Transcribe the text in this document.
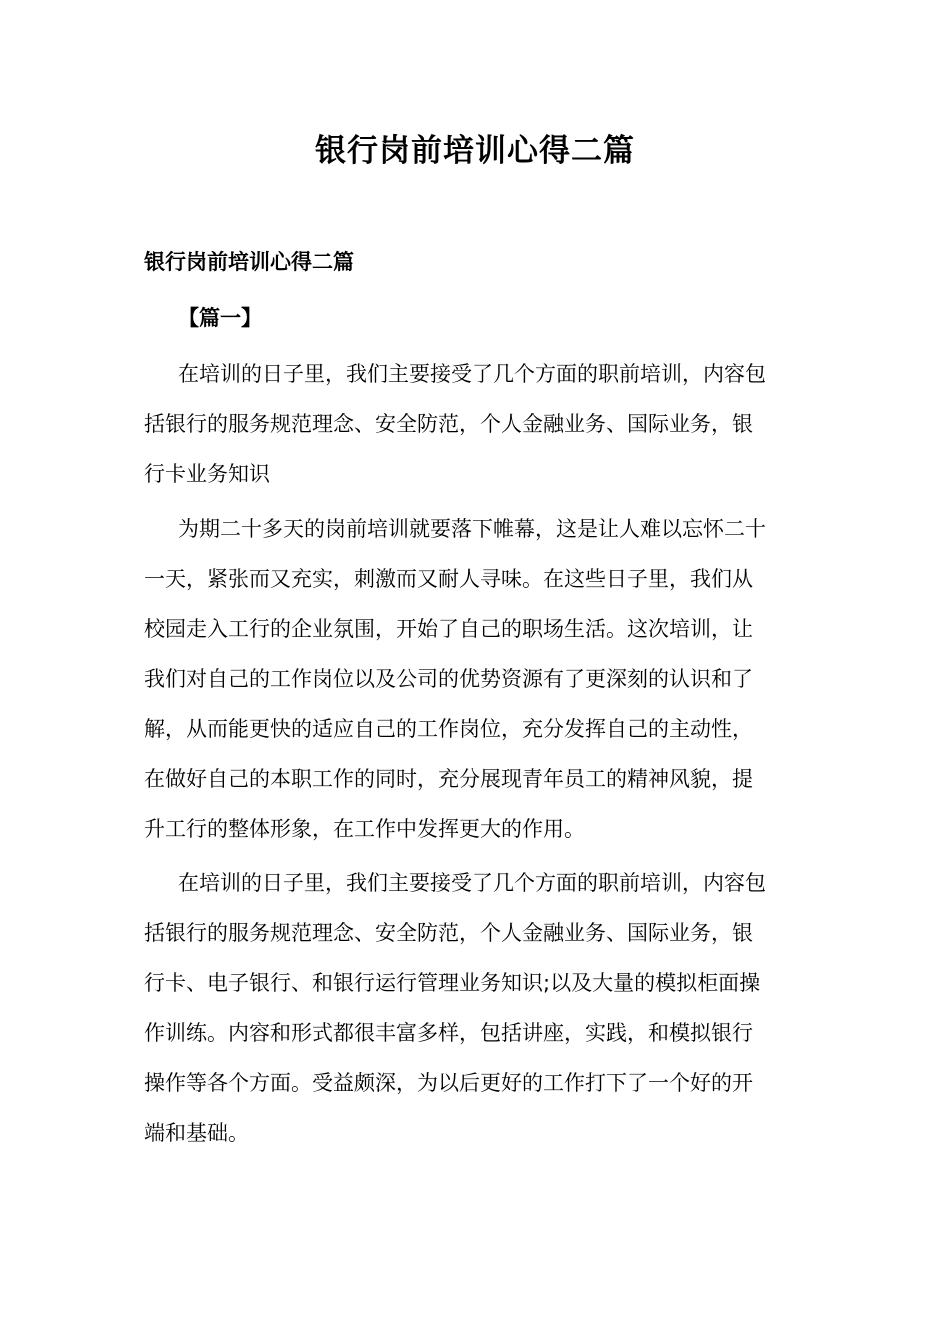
银行岗前培训心得二篇
银行岗前培训心得二篇
【篇一】
在培训的日子里，我们主要接受了几个方面的职前培训，内容包
括银行的服务规范理念、安全防范，个人金融业务、国际业务，银
行卡业务知识
为期二十多天的岗前培训就要落下帷幕，这是让人难以忘怀二十
一天，紧张而又充实，刺激而又耐人寻味。在这些日子里，我们从
校园走入工行的企业氛围，开始了自己的职场生活。这次培训，让
我们对自己的工作岗位以及公司的优势资源有了更深刻的认识和了
解，从而能更快的适应自己的工作岗位，充分发挥自己的主动性，
在做好自己的本职工作的同时，充分展现青年员工的精神风貌，提
升工行的整体形象，在工作中发挥更大的作用。
在培训的日子里，我们主要接受了几个方面的职前培训，内容包
括银行的服务规范理念、安全防范，个人金融业务、国际业务，银
行卡、电子银行、和银行运行管理业务知识;以及大量的模拟柜面操
作训练。内容和形式都很丰富多样，包括讲座，实践，和模拟银行
操作等各个方面。受益颇深，为以后更好的工作打下了一个好的开
端和基础。
